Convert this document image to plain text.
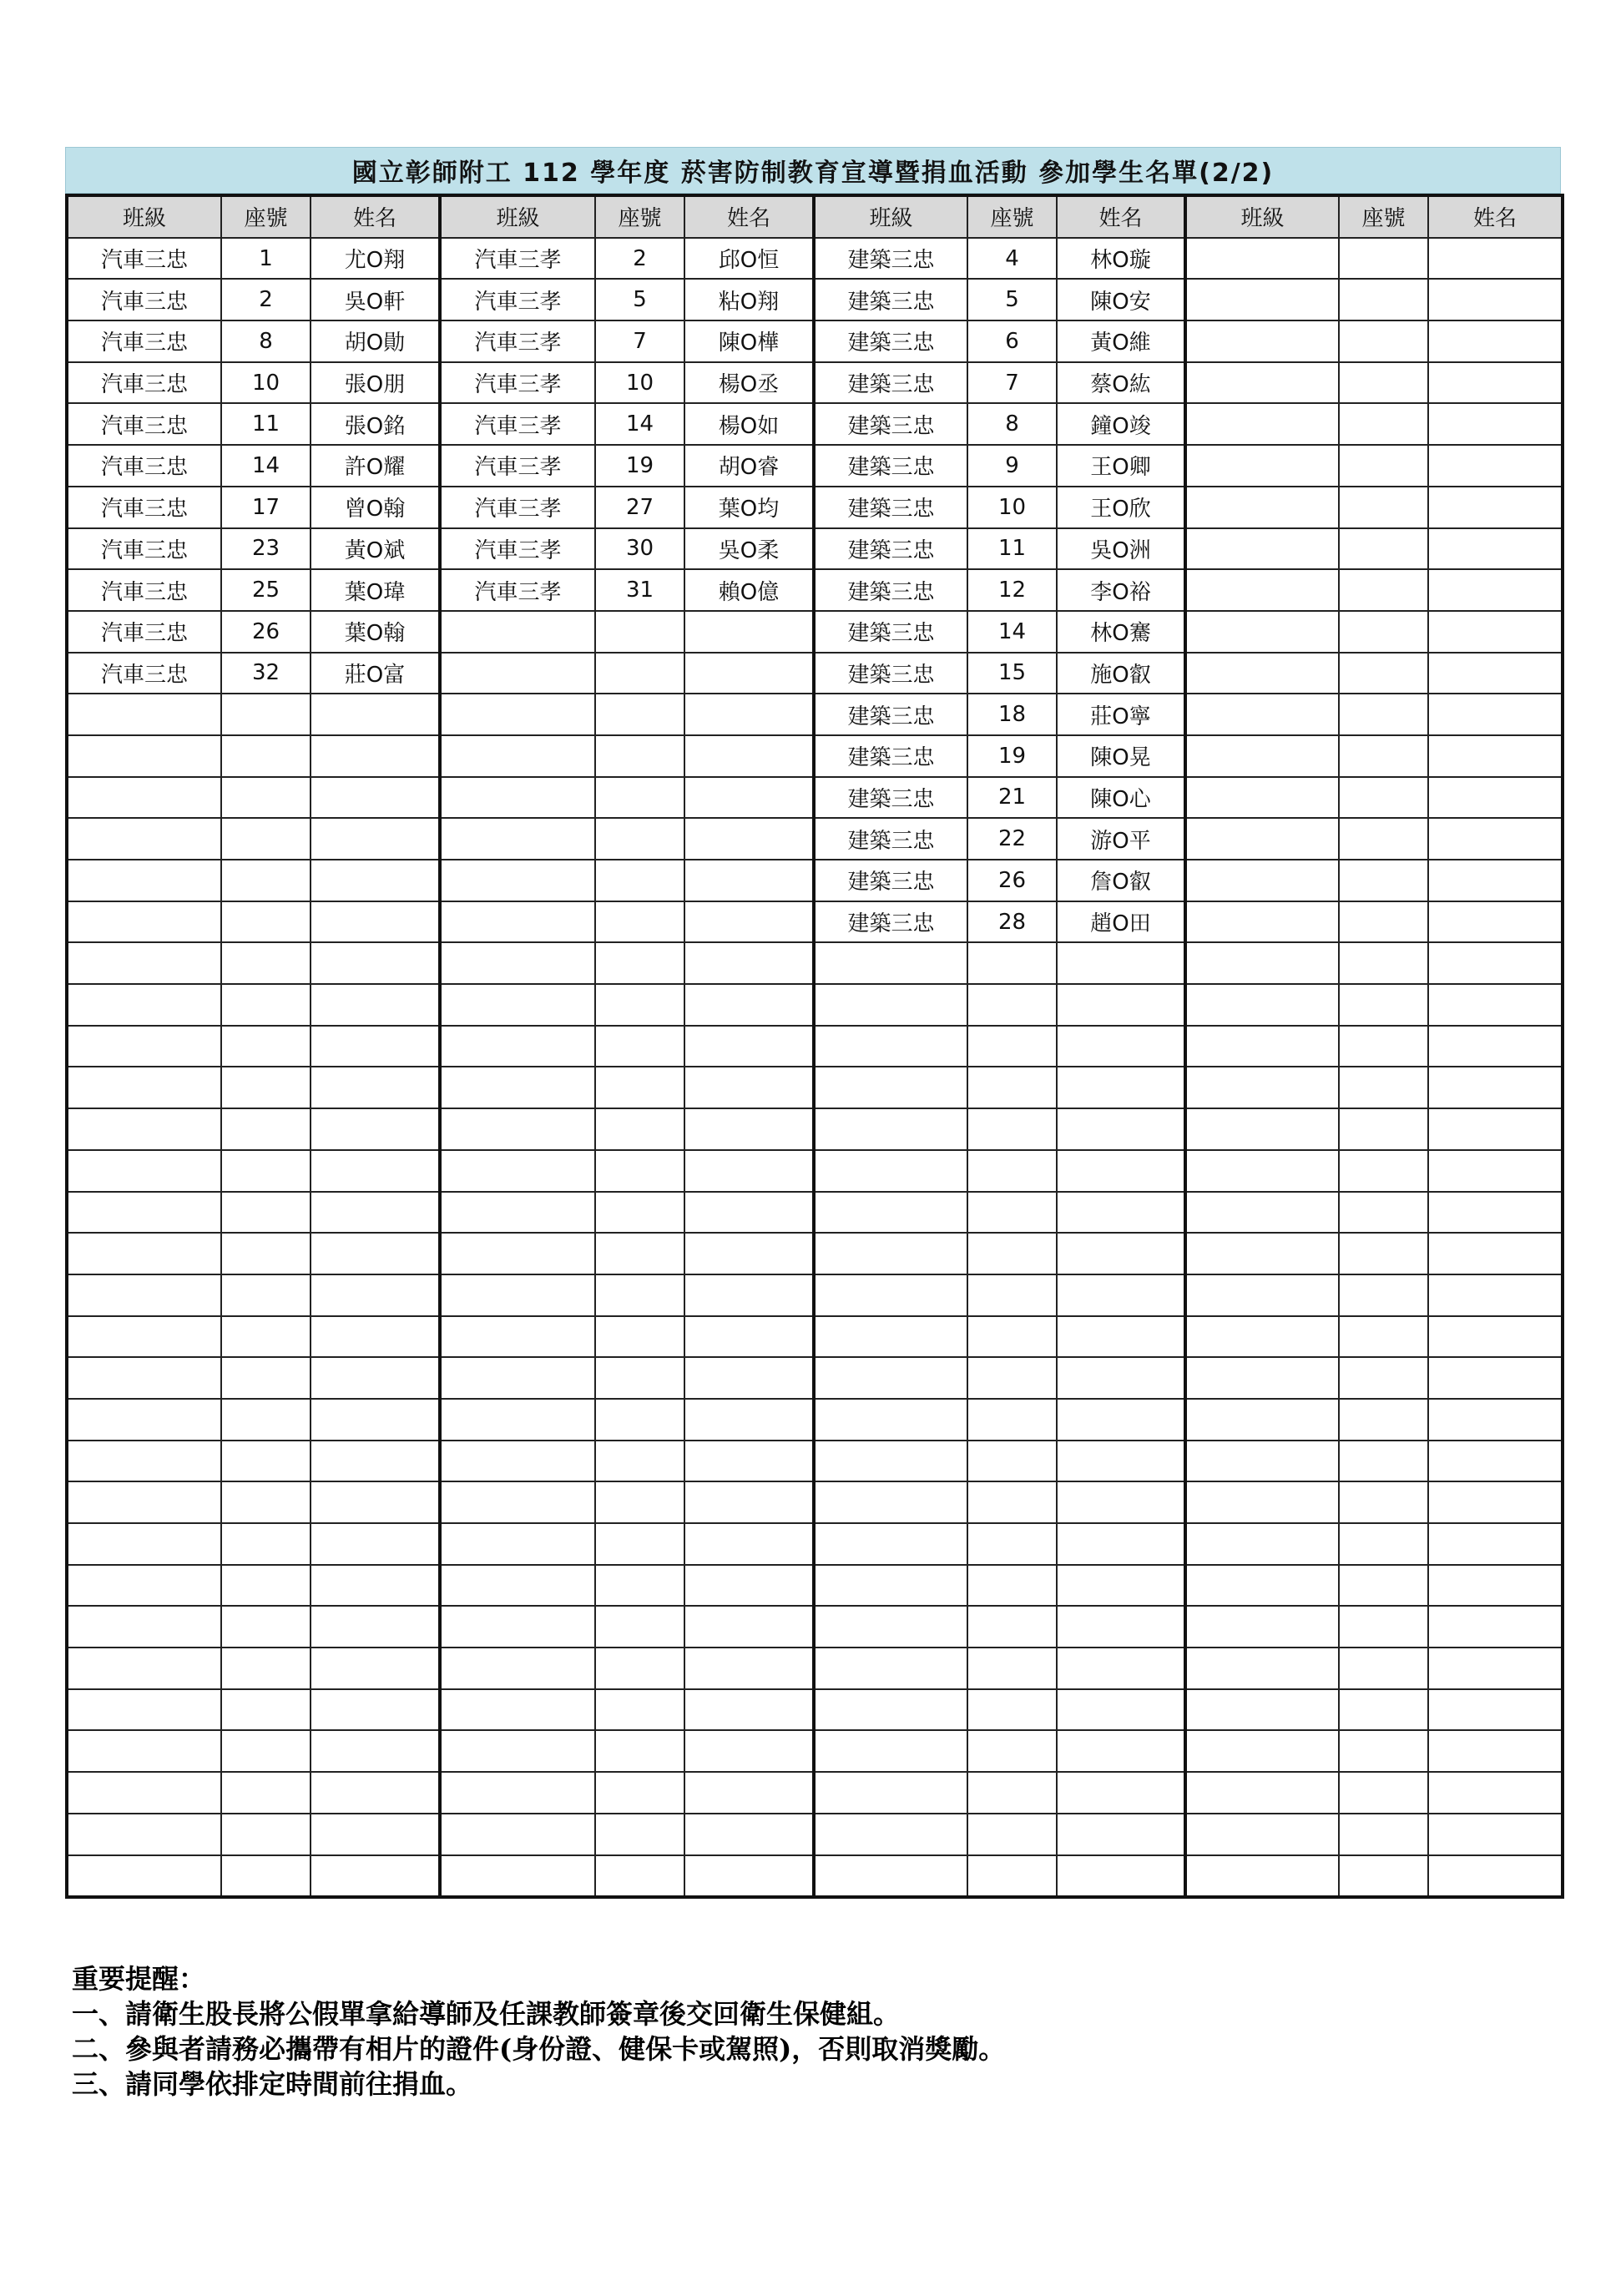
國立彰師附工 112 學年度 菸害防制教育宣導暨捐血活動 參加學生名單(2/2)
班級	座號	姓名	班級	座號	姓名	班級	座號	姓名	班級	座號	姓名
汽車三忠	1	尤O翔	汽車三孝	2	邱O恒	建築三忠	4	林O璇			
汽車三忠	2	吳O軒	汽車三孝	5	粘O翔	建築三忠	5	陳O安			
汽車三忠	8	胡O勛	汽車三孝	7	陳O樺	建築三忠	6	黃O維			
汽車三忠	10	張O朋	汽車三孝	10	楊O丞	建築三忠	7	蔡O紘			
汽車三忠	11	張O銘	汽車三孝	14	楊O如	建築三忠	8	鐘O竣			
汽車三忠	14	許O耀	汽車三孝	19	胡O睿	建築三忠	9	王O卿			
汽車三忠	17	曾O翰	汽車三孝	27	葉O均	建築三忠	10	王O欣			
汽車三忠	23	黃O斌	汽車三孝	30	吳O柔	建築三忠	11	吳O洲			
汽車三忠	25	葉O瑋	汽車三孝	31	賴O億	建築三忠	12	李O裕			
汽車三忠	26	葉O翰				建築三忠	14	林O騫			
汽車三忠	32	莊O富				建築三忠	15	施O叡			
						建築三忠	18	莊O寧			
						建築三忠	19	陳O晃			
						建築三忠	21	陳O心			
						建築三忠	22	游O平			
						建築三忠	26	詹O叡			
						建築三忠	28	趙O田			

重要提醒：
一、請衛生股長將公假單拿給導師及任課教師簽章後交回衛生保健組。
二、參與者請務必攜帶有相片的證件(身份證、健保卡或駕照)，否則取消獎勵。
三、請同學依排定時間前往捐血。
